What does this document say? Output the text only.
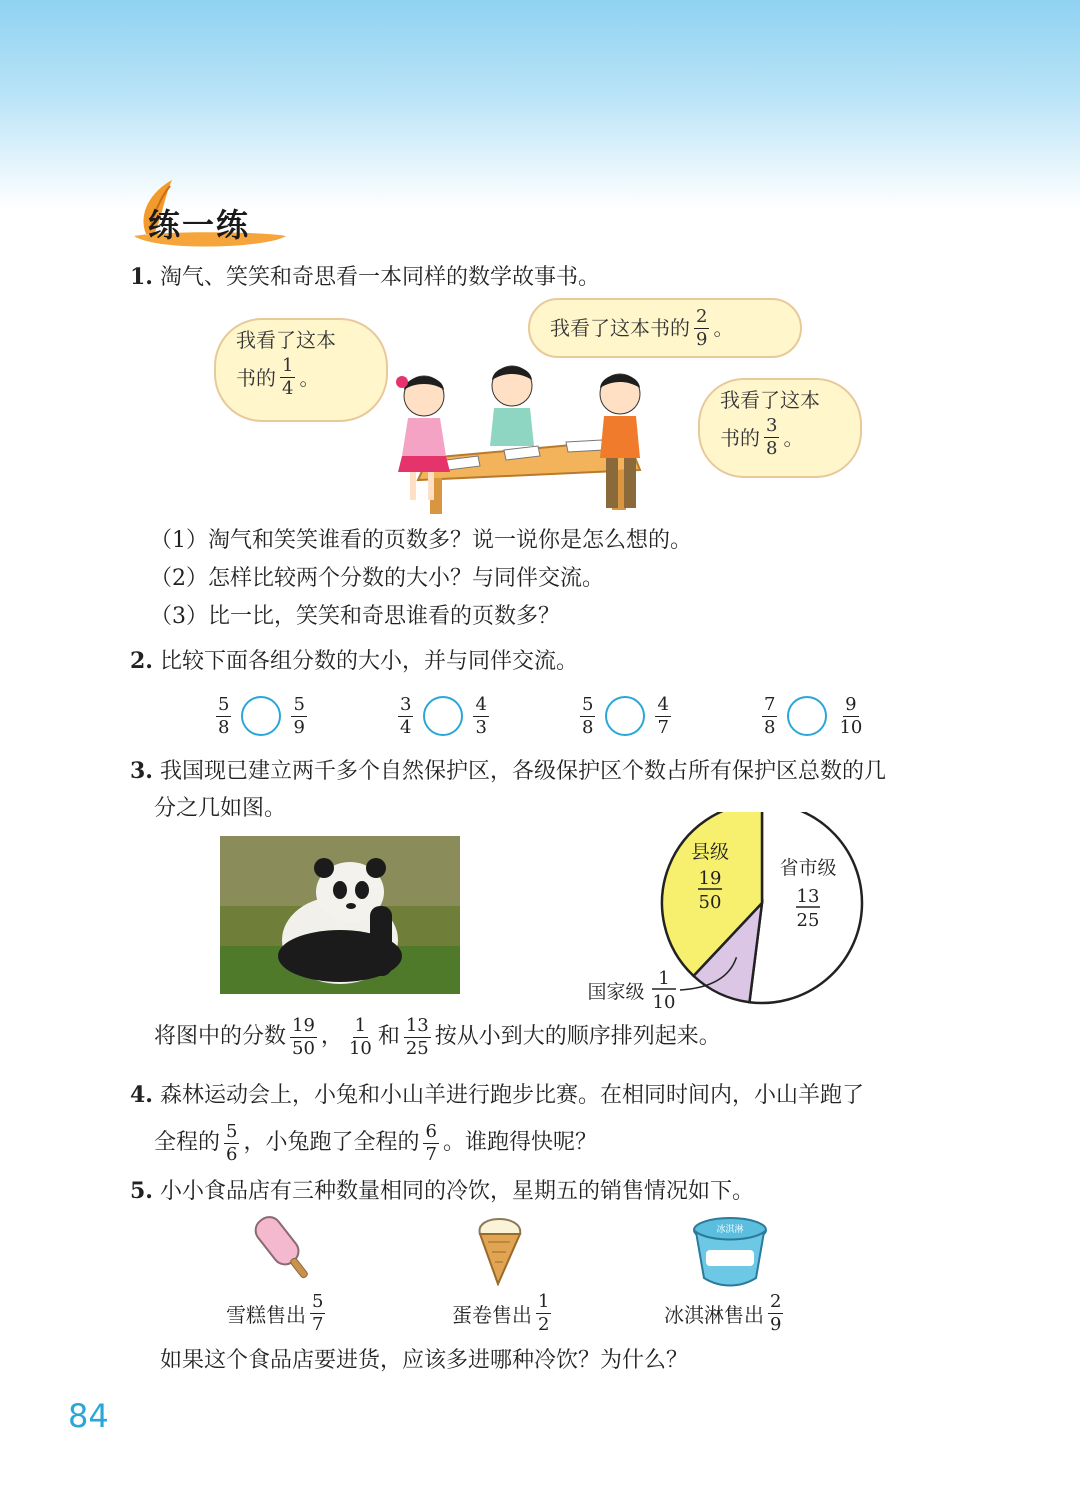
练一练
1. 淘气、笑笑和奇思看一本同样的数学故事书。
我看了这本
书的 $\frac{1}{4}$ 。
我看了这本书的 $\frac{2}{9}$ 。
我看了这本
书的 $\frac{3}{8}$ 。
（1）淘气和笑笑谁看的页数多？说一说你是怎么想的。
（2）怎样比较两个分数的大小？与同伴交流。
（3）比一比，笑笑和奇思谁看的页数多？
2. 比较下面各组分数的大小，并与同伴交流。
$\frac{5}{8}$	$\frac{5}{9}$	$\frac{3}{4}$	$\frac{4}{3}$	$\frac{5}{8}$	$\frac{4}{7}$	$\frac{7}{8}$	$\frac{9}{10}$
3. 我国现已建立两千多个自然保护区，各级保护区个数占所有保护区总数的几
分之几如图。
县级
19
50
省市级
13
25
国家级
1
10
将图中的分数 $\frac{19}{50}$ ， $\frac{1}{10}$ 和 $\frac{13}{25}$ 按从小到大的顺序排列起来。
4. 森林运动会上，小兔和小山羊进行跑步比赛。在相同时间内，小山羊跑了
全程的 $\frac{5}{6}$ ，小兔跑了全程的 $\frac{6}{7}$ 。谁跑得快呢？
5. 小小食品店有三种数量相同的冷饮，星期五的销售情况如下。
冰淇淋
雪糕售出 $\frac{5}{7}$	蛋卷售出 $\frac{1}{2}$	冰淇淋售出 $\frac{2}{9}$
如果这个食品店要进货，应该多进哪种冷饮？为什么？
84
